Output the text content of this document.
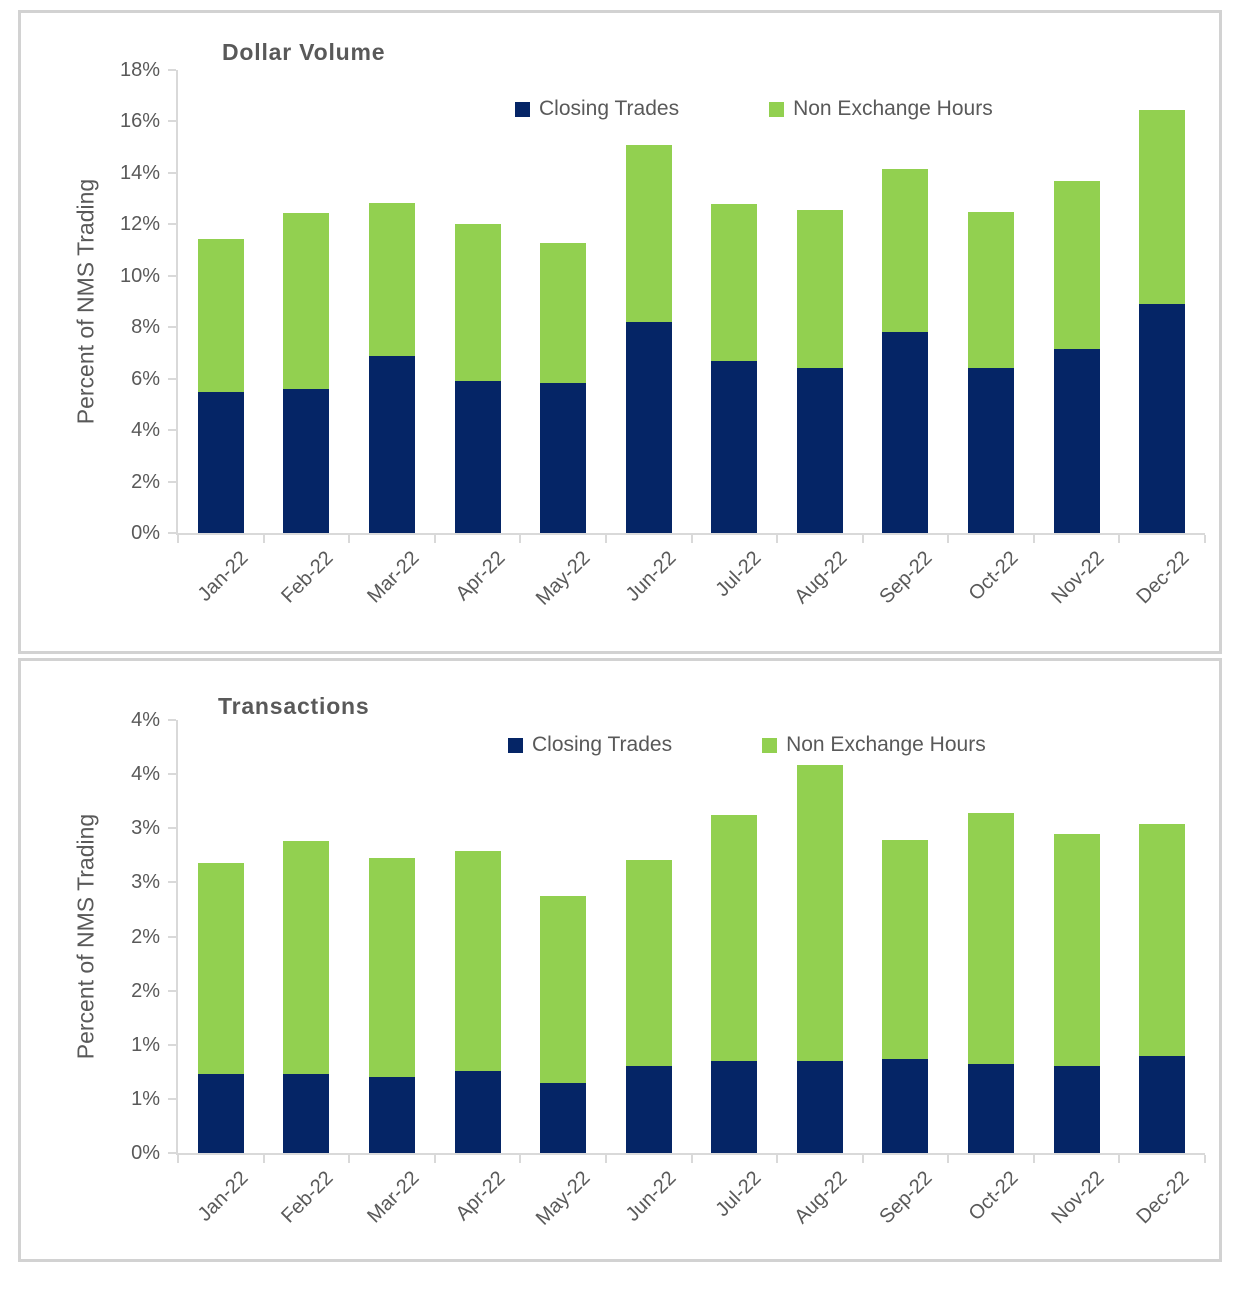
Dollar Volume
Closing Trades	Non Exchange Hours
Percent of NMS Trading
0%
2%
4%
6%
8%
10%
12%
14%
16%
18%
Jan-22	Feb-22	Mar-22	Apr-22	May-22	Jun-22	Jul-22	Aug-22	Sep-22	Oct-22	Nov-22	Dec-22
Transactions
Closing Trades	Non Exchange Hours
Percent of NMS Trading
0%
1%
1%
2%
2%
3%
3%
4%
4%
Jan-22	Feb-22	Mar-22	Apr-22	May-22	Jun-22	Jul-22	Aug-22	Sep-22	Oct-22	Nov-22	Dec-22
